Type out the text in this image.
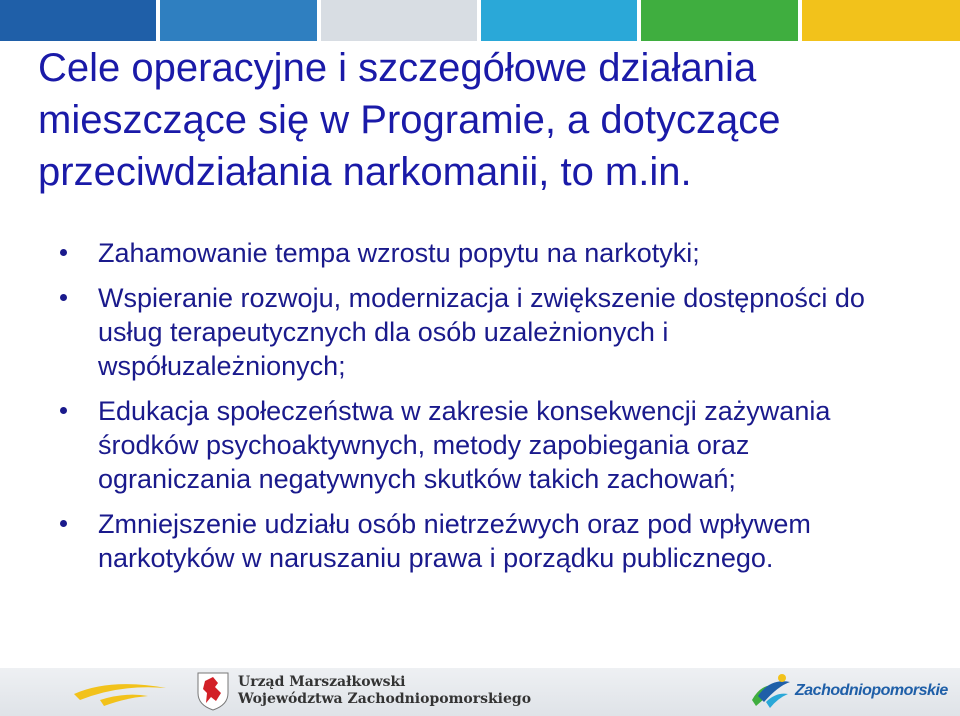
Cele operacyjne i szczegółowe działania mieszczące się w Programie, a dotyczące przeciwdziałania narkomanii, to m.in.
Zahamowanie tempa wzrostu popytu na narkotyki;
Wspieranie rozwoju, modernizacja i zwiększenie dostępności do usług terapeutycznych dla osób uzależnionych i współuzależnionych;
Edukacja społeczeństwa w zakresie konsekwencji zażywania środków psychoaktywnych, metody zapobiegania oraz ograniczania negatywnych skutków takich zachowań;
Zmniejszenie udziału osób nietrzeźwych oraz pod wpływem narkotyków w naruszaniu prawa i porządku publicznego.
Urząd Marszałkowski
Województwa Zachodniopomorskiego	Zachodniopomorskie
